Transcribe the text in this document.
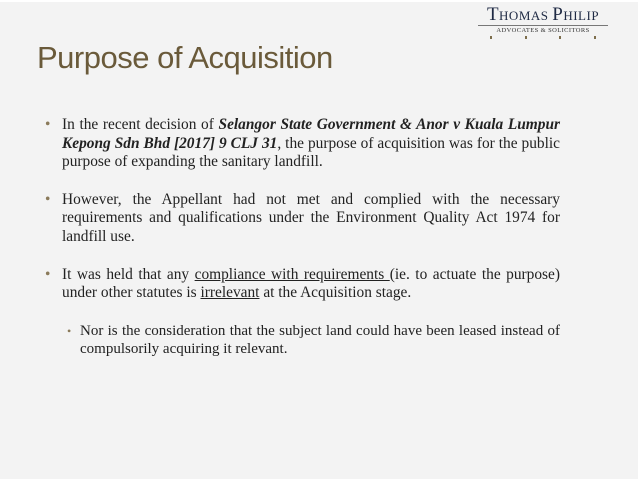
THOMAS PHILIP
ADVOCATES & SOLICITORS
Purpose of Acquisition
• In the recent decision of Selangor State Government & Anor v Kuala Lumpur Kepong Sdn Bhd [2017] 9 CLJ 31, the purpose of acquisition was for the public purpose of expanding the sanitary landfill.
• However, the Appellant had not met and complied with the necessary requirements and qualifications under the Environment Quality Act 1974 for landfill use.
• It was held that any compliance with requirements (ie. to actuate the purpose) under other statutes is irrelevant at the Acquisition stage.
• Nor is the consideration that the subject land could have been leased instead of compulsorily acquiring it relevant.
